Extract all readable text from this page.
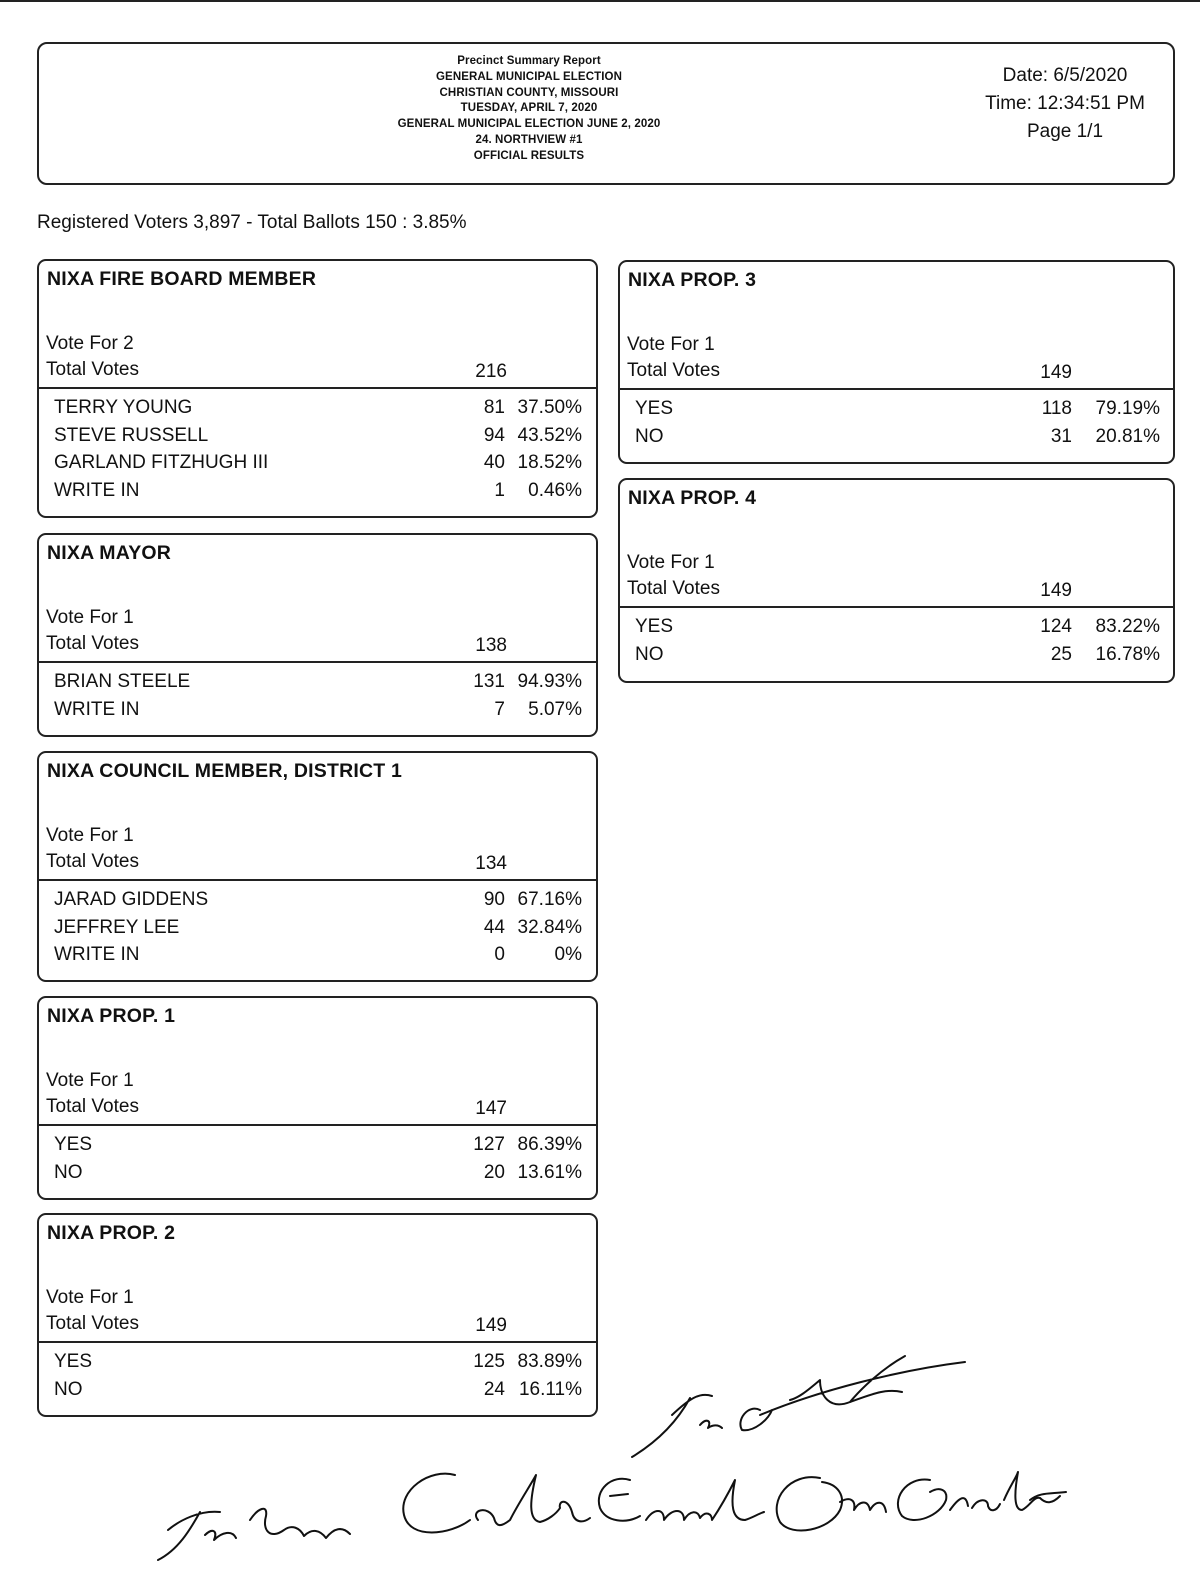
Precinct Summary Report
GENERAL MUNICIPAL ELECTION
CHRISTIAN COUNTY, MISSOURI
TUESDAY, APRIL 7, 2020
GENERAL MUNICIPAL ELECTION JUNE 2, 2020
24. NORTHVIEW #1
OFFICIAL RESULTS
Date: 6/5/2020
Time: 12:34:51 PM
Page 1/1
Registered Voters 3,897 - Total Ballots 150 : 3.85%
NIXA FIRE BOARD MEMBER
Vote For 2
Total Votes	216
TERRY YOUNG	81 37.50%
STEVE RUSSELL	94 43.52%
GARLAND FITZHUGH III	40 18.52%
WRITE IN	1	0.46%
NIXA MAYOR
Vote For 1
Total Votes	138
BRIAN STEELE	131 94.93%
WRITE IN	7	5.07%
NIXA COUNCIL MEMBER, DISTRICT 1
Vote For 1
Total Votes	134
JARAD GIDDENS	90 67.16%
JEFFREY LEE	44 32.84%
WRITE IN	0	0%
NIXA PROP. 1
Vote For 1
Total Votes	147
YES	127 86.39%
NO	20 13.61%
NIXA PROP. 2
Vote For 1
Total Votes	149
YES	125 83.89%
NO	24 16.11%
NIXA PROP. 3
Vote For 1
Total Votes	149
YES	118	79.19%
NO	31	20.81%
NIXA PROP. 4
Vote For 1
Total Votes	149
YES	124	83.22%
NO	25	16.78%
